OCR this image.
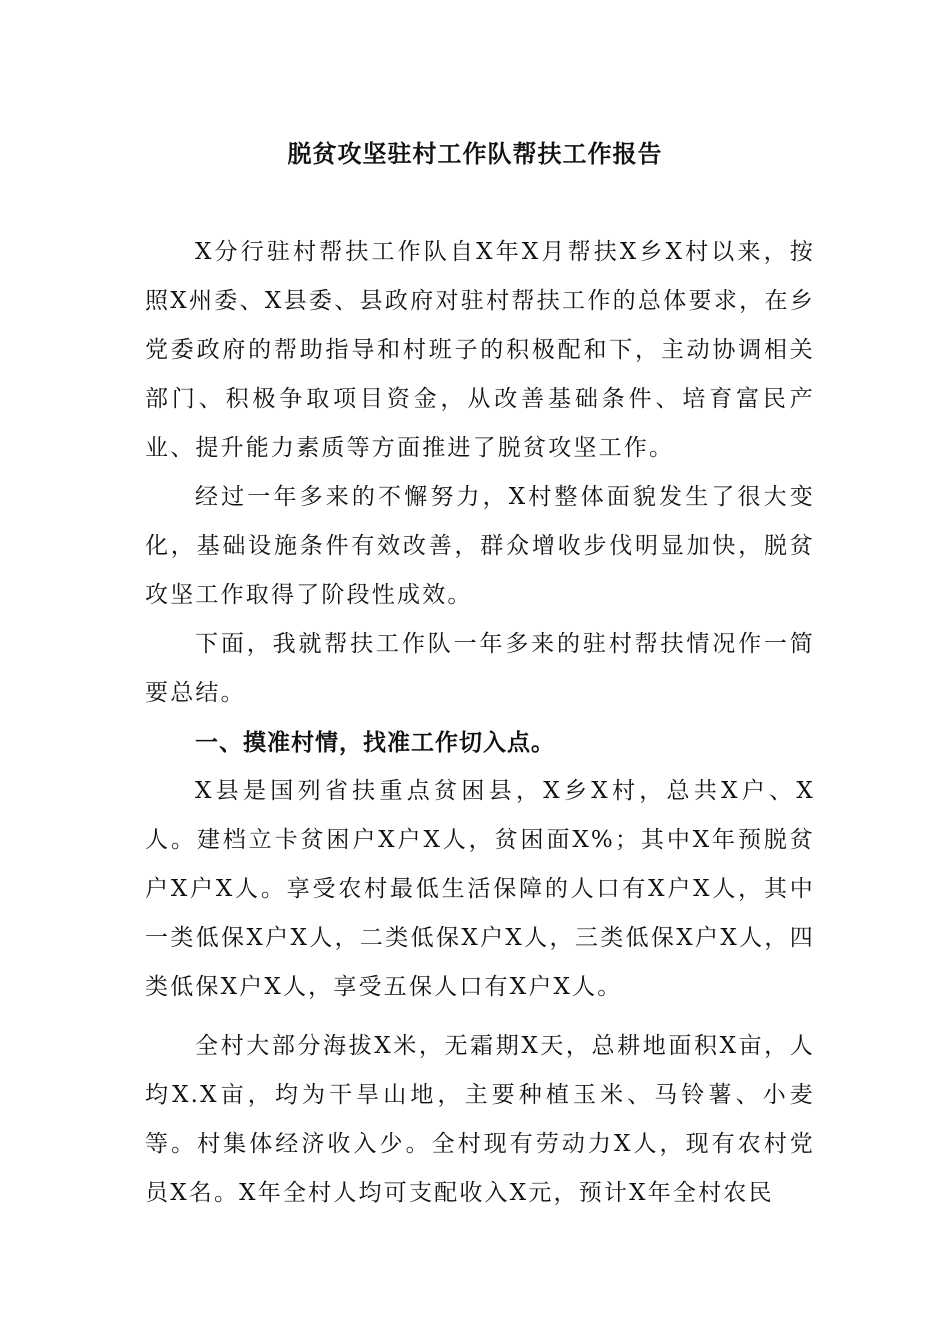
脱贫攻坚驻村工作队帮扶工作报告

X分行驻村帮扶工作队自X年X月帮扶X乡X村以来，按照X州委、X县委、县政府对驻村帮扶工作的总体要求，在乡党委政府的帮助指导和村班子的积极配和下，主动协调相关部门、积极争取项目资金，从改善基础条件、培育富民产业、提升能力素质等方面推进了脱贫攻坚工作。

经过一年多来的不懈努力，X村整体面貌发生了很大变化，基础设施条件有效改善，群众增收步伐明显加快，脱贫攻坚工作取得了阶段性成效。

下面，我就帮扶工作队一年多来的驻村帮扶情况作一简要总结。

一、摸准村情，找准工作切入点。

X县是国列省扶重点贫困县，X乡X村，总共X户、X人。建档立卡贫困户X户X人，贫困面X%；其中X年预脱贫户X户X人。享受农村最低生活保障的人口有X户X人，其中一类低保X户X人，二类低保X户X人，三类低保X户X人，四类低保X户X人，享受五保人口有X户X人。

全村大部分海拔X米，无霜期X天，总耕地面积X亩，人均X.X亩，均为干旱山地，主要种植玉米、马铃薯、小麦等。村集体经济收入少。全村现有劳动力X人，现有农村党员X名。X年全村人均可支配收入X元，预计X年全村农民
